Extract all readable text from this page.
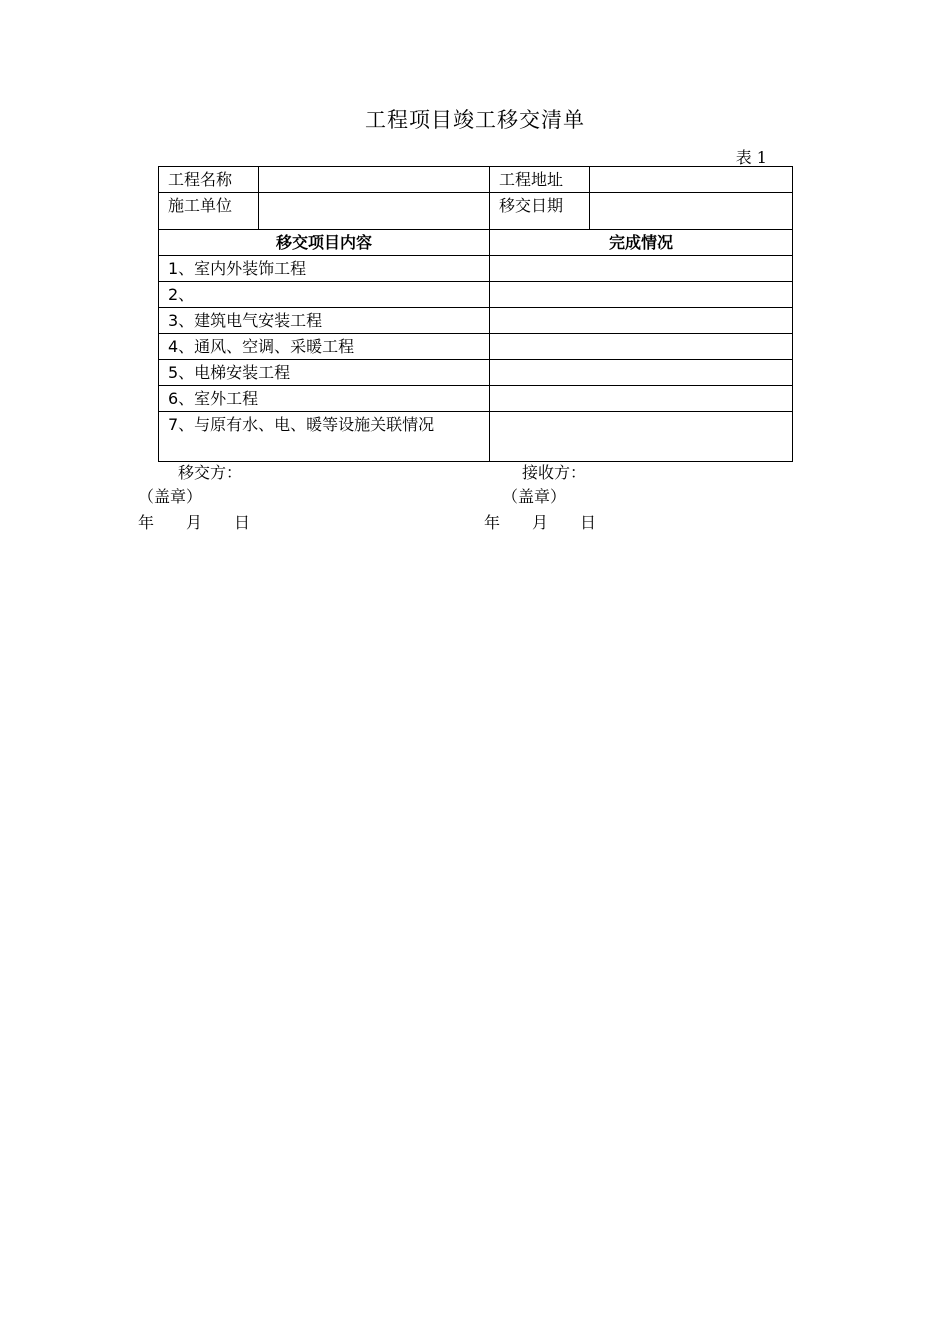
工程项目竣工移交清单
表 1
工程名称		工程地址	
施工单位		移交日期	
移交项目内容		完成情况	
1、室内外装饰工程			
2、			
3、建筑电气安装工程			
4、通风、空调、采暖工程			
5、电梯安装工程			
6、室外工程			
7、与原有水、电、暖等设施关联情况			
移交方：
（盖章）
年 月 日
接收方：
（盖章）
年 月 日
